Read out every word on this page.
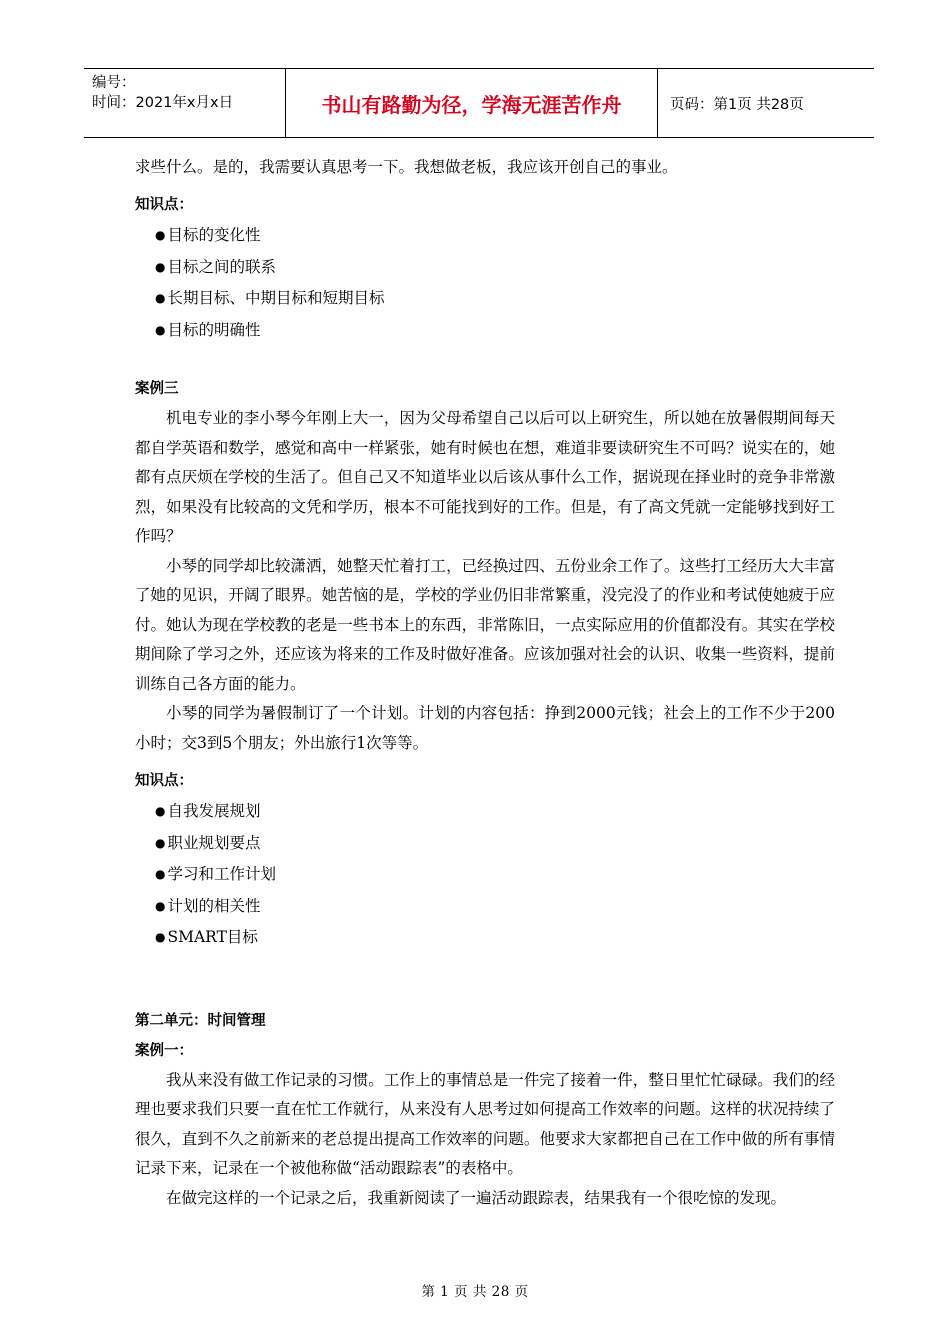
编号：
时间：2021年x月x日	书山有路勤为径，学海无涯苦作舟	页码：第1页 共28页

求些什么。是的，我需要认真思考一下。我想做老板，我应该开创自己的事业。

知识点：

● 目标的变化性
● 目标之间的联系
● 长期目标、中期目标和短期目标
● 目标的明确性

案例三

机电专业的李小琴今年刚上大一，因为父母希望自己以后可以上研究生，所以她在放暑假期间每天都自学英语和数学，感觉和高中一样紧张，她有时候也在想，难道非要读研究生不可吗？说实在的，她都有点厌烦在学校的生活了。但自己又不知道毕业以后该从事什么工作，据说现在择业时的竞争非常激烈，如果没有比较高的文凭和学历，根本不可能找到好的工作。但是，有了高文凭就一定能够找到好工作吗？

小琴的同学却比较潇洒，她整天忙着打工，已经换过四、五份业余工作了。这些打工经历大大丰富了她的见识，开阔了眼界。她苦恼的是，学校的学业仍旧非常繁重，没完没了的作业和考试使她疲于应付。她认为现在学校教的老是一些书本上的东西，非常陈旧，一点实际应用的价值都没有。其实在学校期间除了学习之外，还应该为将来的工作及时做好准备。应该加强对社会的认识、收集一些资料，提前训练自己各方面的能力。

小琴的同学为暑假制订了一个计划。计划的内容包括：挣到2000元钱；社会上的工作不少于200小时；交3到5个朋友；外出旅行1次等等。

知识点：

● 自我发展规划
● 职业规划要点
● 学习和工作计划
● 计划的相关性
● SMART目标

第二单元：时间管理

案例一：

我从来没有做工作记录的习惯。工作上的事情总是一件完了接着一件，整日里忙忙碌碌。我们的经理也要求我们只要一直在忙工作就行，从来没有人思考过如何提高工作效率的问题。这样的状况持续了很久，直到不久之前新来的老总提出提高工作效率的问题。他要求大家都把自己在工作中做的所有事情记录下来，记录在一个被他称做“活动跟踪表”的表格中。

在做完这样的一个记录之后，我重新阅读了一遍活动跟踪表，结果我有一个很吃惊的发现。

第 1 页 共 28 页
